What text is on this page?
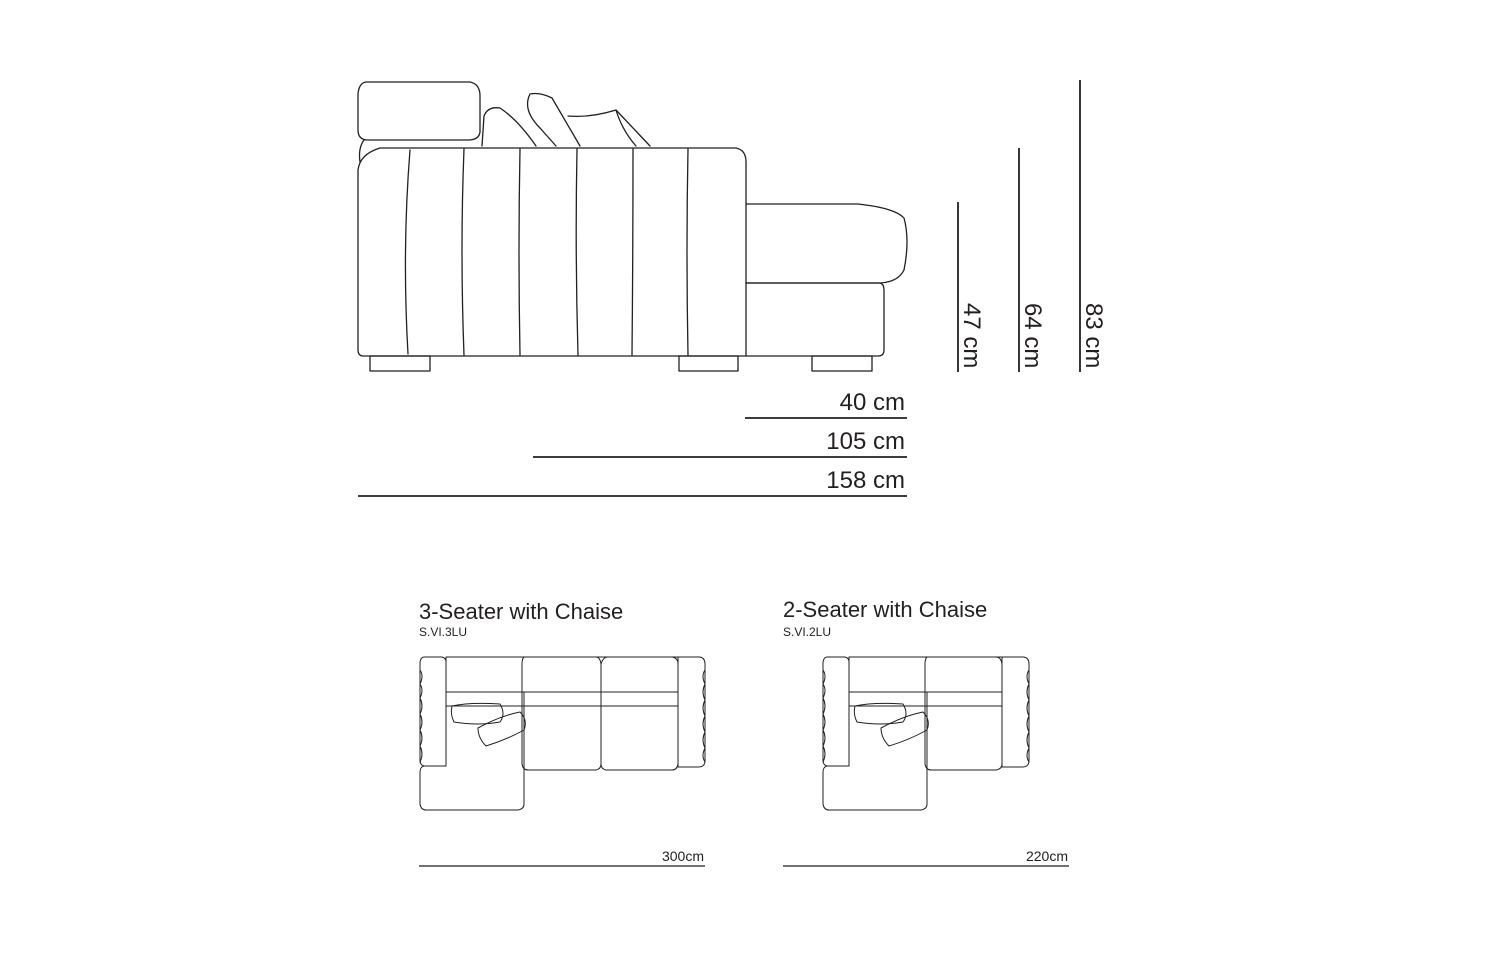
47 cm 64 cm 83 cm
40 cm
105 cm
158 cm
3-Seater with Chaise
S.VI.3LU
300cm
2-Seater with Chaise
S.VI.2LU
220cm
